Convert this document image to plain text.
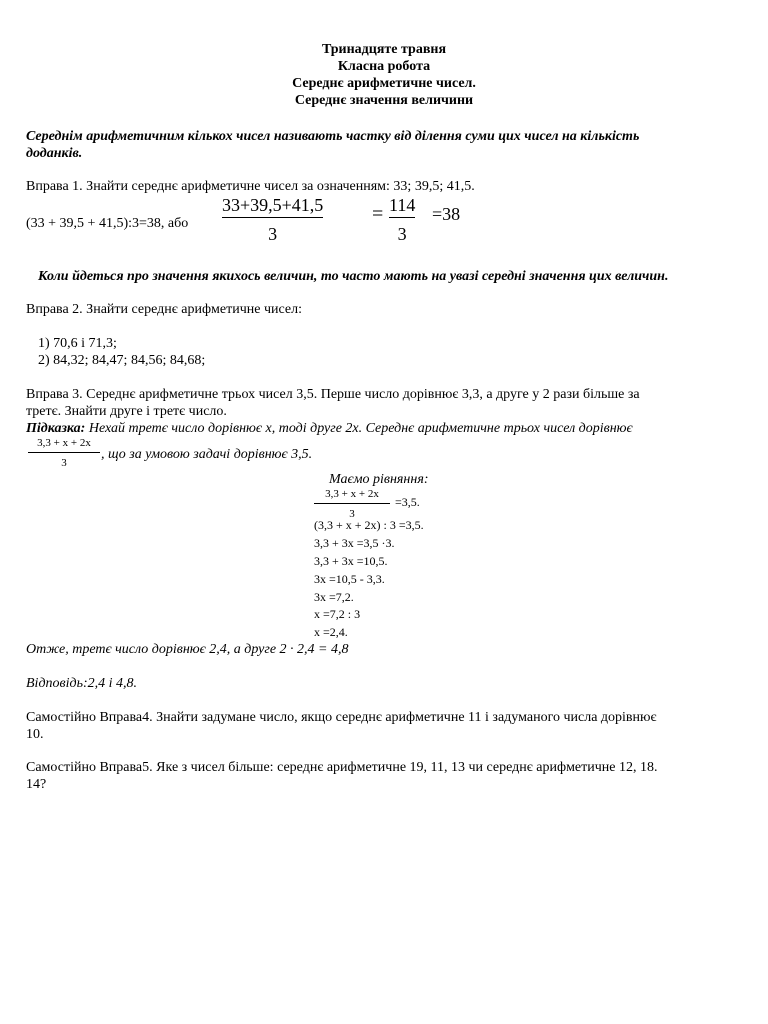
Тринадцяте травня
Класна робота
Середнє арифметичне чисел.
Середнє значення величини
Середнім арифметичним кількох чисел називають частку від ділення суми цих чисел на кількість
доданків.
Вправа 1. Знайти середнє арифметичне чисел за означенням: 33; 39,5; 41,5.
(33 + 39,5 + 41,5):3=38, або
33+39,5+41,5
3
= 114
3
=38
Коли йдеться про значення якихось величин, то часто мають на увазі середні значення цих величин.
Вправа 2. Знайти середнє арифметичне чисел:
1) 70,6 і 71,3;
2) 84,32; 84,47; 84,56; 84,68;
Вправа 3. Середнє арифметичне трьох чисел 3,5. Перше число дорівнює 3,3, а друге у 2 рази більше за
третє. Знайти друге і третє число.
Підказка: Нехай третє число дорівнює x, тоді друге 2x. Середнє арифметичне трьох чисел дорівнює
3,3 + x + 2x
3
, що за умовою задачі дорівнює 3,5.
Маємо рівняння:
3,3 + x + 2x
3
=3,5.
(3,3 + x + 2x) : 3 =3,5.
3,3 + 3x =3,5 ·3.
3,3 + 3x =10,5.
3x =10,5 - 3,3.
3x =7,2.
x =7,2 : 3
x =2,4.
Отже, третє число дорівнює 2,4, а друге 2 · 2,4 = 4,8
Відповідь:2,4 і 4,8.
Самостійно Вправа4. Знайти задумане число, якщо середнє арифметичне 11 і задуманого числа дорівнює
10.
Самостійно Вправа5. Яке з чисел більше: середнє арифметичне 19, 11, 13 чи середнє арифметичне 12, 18.
14?
